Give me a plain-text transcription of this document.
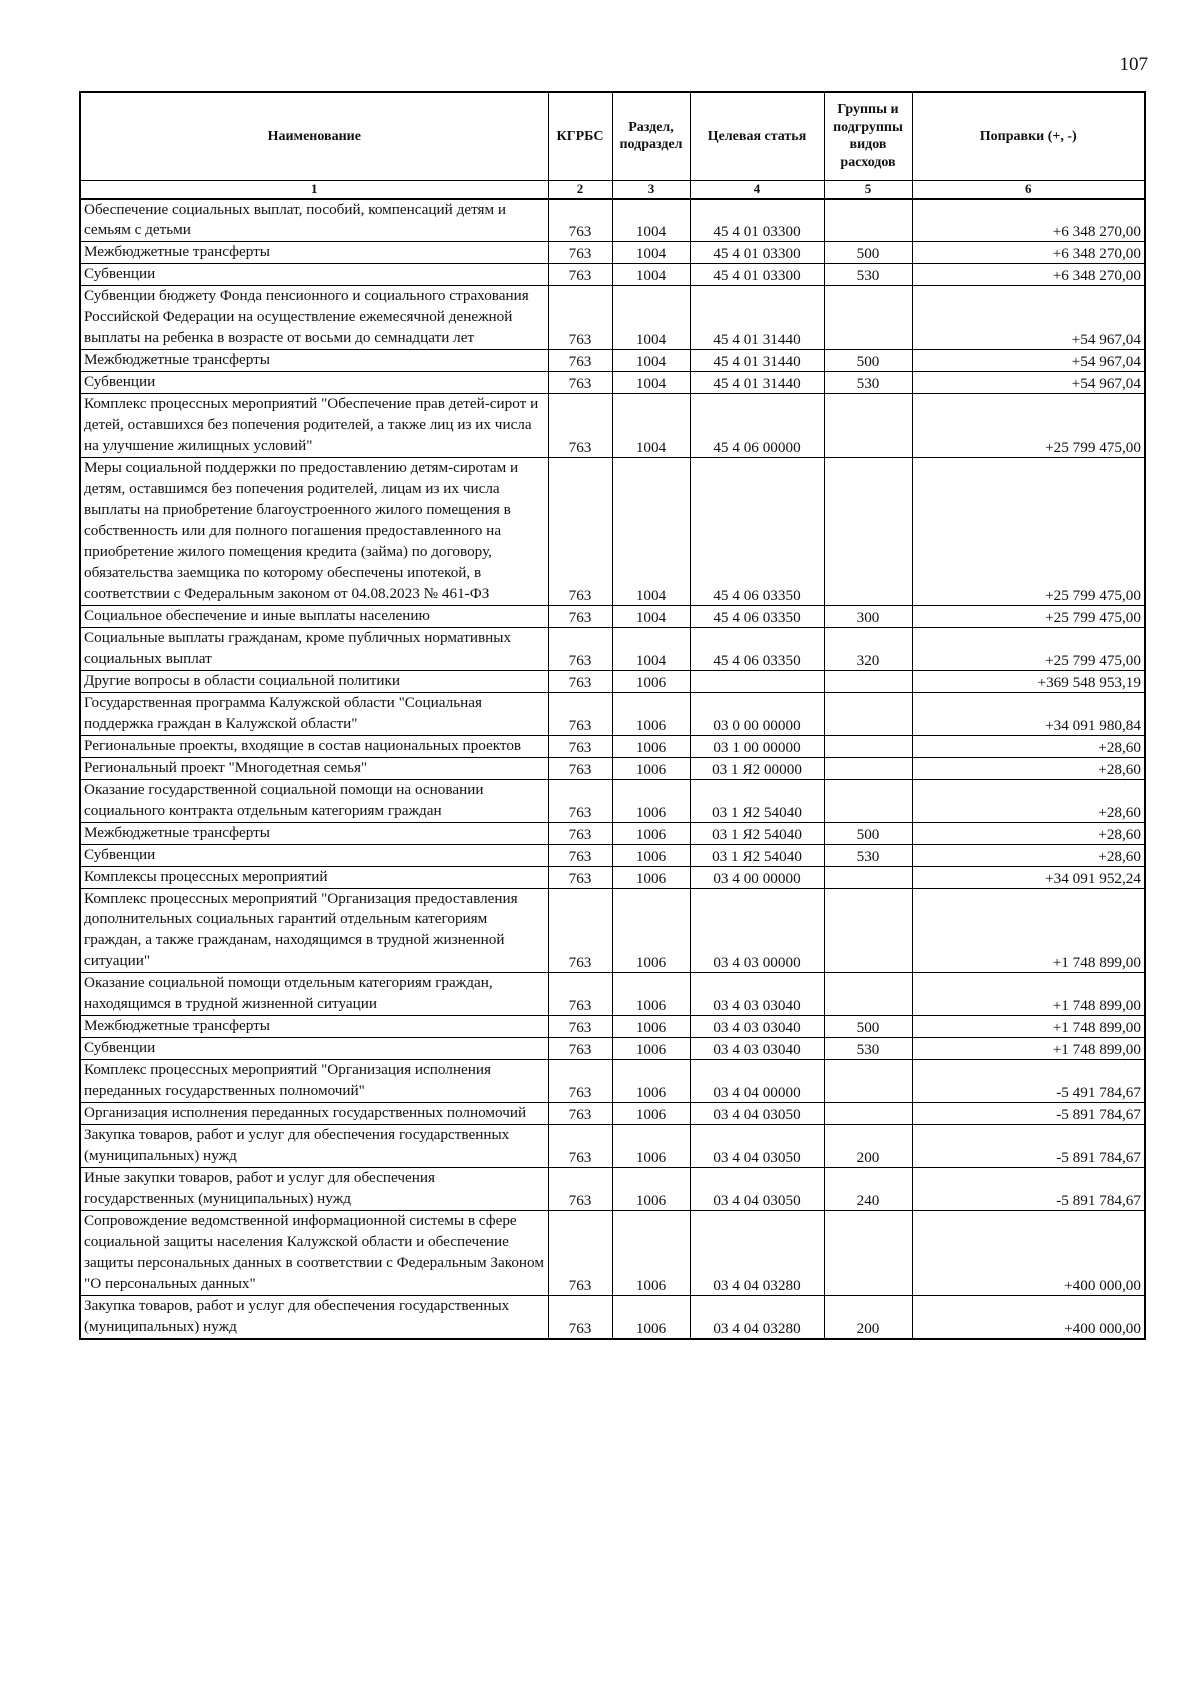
107
Наименование	КГРБС	Раздел, подраздел	Целевая статья	Группы и подгруппы видов расходов	Поправки (+, -)
1	2	3	4	5	6
Обеспечение социальных выплат, пособий, компенсаций детям и семьям с детьми	763	1004	45 4 01 03300		+6 348 270,00
Межбюджетные трансферты	763	1004	45 4 01 03300	500	+6 348 270,00
Субвенции	763	1004	45 4 01 03300	530	+6 348 270,00
Субвенции бюджету Фонда пенсионного и социального страхования Российской Федерации на осуществление ежемесячной денежной выплаты на ребенка в возрасте от восьми до семнадцати лет	763	1004	45 4 01 31440		+54 967,04
Межбюджетные трансферты	763	1004	45 4 01 31440	500	+54 967,04
Субвенции	763	1004	45 4 01 31440	530	+54 967,04
Комплекс процессных мероприятий "Обеспечение прав детей-сирот и детей, оставшихся без попечения родителей, а также лиц из их числа на улучшение жилищных условий"	763	1004	45 4 06 00000		+25 799 475,00
Меры социальной поддержки по предоставлению детям-сиротам и детям, оставшимся без попечения родителей, лицам из их числа выплаты на приобретение благоустроенного жилого помещения в собственность или для полного погашения предоставленного на приобретение жилого помещения кредита (займа) по договору, обязательства заемщика по которому обеспечены ипотекой, в соответствии с Федеральным законом от 04.08.2023 № 461-ФЗ	763	1004	45 4 06 03350		+25 799 475,00
Социальное обеспечение и иные выплаты населению	763	1004	45 4 06 03350	300	+25 799 475,00
Социальные выплаты гражданам, кроме публичных нормативных социальных выплат	763	1004	45 4 06 03350	320	+25 799 475,00
Другие вопросы в области социальной политики	763	1006			+369 548 953,19
Государственная программа Калужской области "Социальная поддержка граждан в Калужской области"	763	1006	03 0 00 00000		+34 091 980,84
Региональные проекты, входящие в состав национальных проектов	763	1006	03 1 00 00000		+28,60
Региональный проект "Многодетная семья"	763	1006	03 1 Я2 00000		+28,60
Оказание государственной социальной помощи на основании социального контракта отдельным категориям граждан	763	1006	03 1 Я2 54040		+28,60
Межбюджетные трансферты	763	1006	03 1 Я2 54040	500	+28,60
Субвенции	763	1006	03 1 Я2 54040	530	+28,60
Комплексы процессных мероприятий	763	1006	03 4 00 00000		+34 091 952,24
Комплекс процессных мероприятий "Организация предоставления дополнительных социальных гарантий отдельным категориям граждан, а также гражданам, находящимся в трудной жизненной ситуации"	763	1006	03 4 03 00000		+1 748 899,00
Оказание социальной помощи отдельным категориям граждан, находящимся в трудной жизненной ситуации	763	1006	03 4 03 03040		+1 748 899,00
Межбюджетные трансферты	763	1006	03 4 03 03040	500	+1 748 899,00
Субвенции	763	1006	03 4 03 03040	530	+1 748 899,00
Комплекс процессных мероприятий "Организация исполнения переданных государственных полномочий"	763	1006	03 4 04 00000		-5 491 784,67
Организация исполнения переданных государственных полномочий	763	1006	03 4 04 03050		-5 891 784,67
Закупка товаров, работ и услуг для обеспечения государственных (муниципальных) нужд	763	1006	03 4 04 03050	200	-5 891 784,67
Иные закупки товаров, работ и услуг для обеспечения государственных (муниципальных) нужд	763	1006	03 4 04 03050	240	-5 891 784,67
Сопровождение ведомственной информационной системы в сфере социальной защиты населения Калужской области и обеспечение защиты персональных данных в соответствии с Федеральным Законом "О персональных данных"	763	1006	03 4 04 03280		+400 000,00
Закупка товаров, работ и услуг для обеспечения государственных (муниципальных) нужд	763	1006	03 4 04 03280	200	+400 000,00
